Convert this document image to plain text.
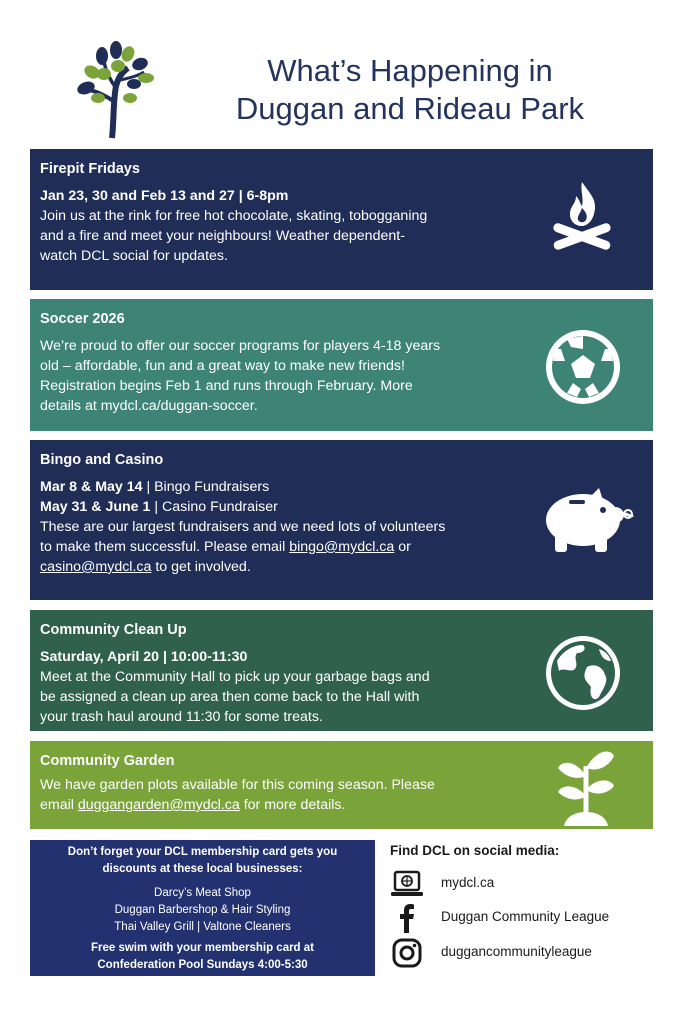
What’s Happening in
Duggan and Rideau Park
Firepit Fridays
Jan 23, 30 and Feb 13 and 27 | 6-8pm
Join us at the rink for free hot chocolate, skating, tobogganing
and a fire and meet your neighbours! Weather dependent-
watch DCL social for updates.
Soccer 2026
We’re proud to offer our soccer programs for players 4-18 years
old – affordable, fun and a great way to make new friends!
Registration begins Feb 1 and runs through February. More
details at mydcl.ca/duggan-soccer.
Bingo and Casino
Mar 8 & May 14 | Bingo Fundraisers
May 31 & June 1 | Casino Fundraiser
These are our largest fundraisers and we need lots of volunteers
to make them successful. Please email bingo@mydcl.ca or
casino@mydcl.ca to get involved.
Community Clean Up
Saturday, April 20 | 10:00-11:30
Meet at the Community Hall to pick up your garbage bags and
be assigned a clean up area then come back to the Hall with
your trash haul around 11:30 for some treats.
Community Garden
We have garden plots available for this coming season. Please
email duggangarden@mydcl.ca for more details.
Don’t forget your DCL membership card gets you
discounts at these local businesses:
Darcy’s Meat Shop
Duggan Barbershop & Hair Styling
Thai Valley Grill | Valtone Cleaners
Free swim with your membership card at
Confederation Pool Sundays 4:00-5:30
Find DCL on social media:
mydcl.ca
Duggan Community League
duggancommunityleague
